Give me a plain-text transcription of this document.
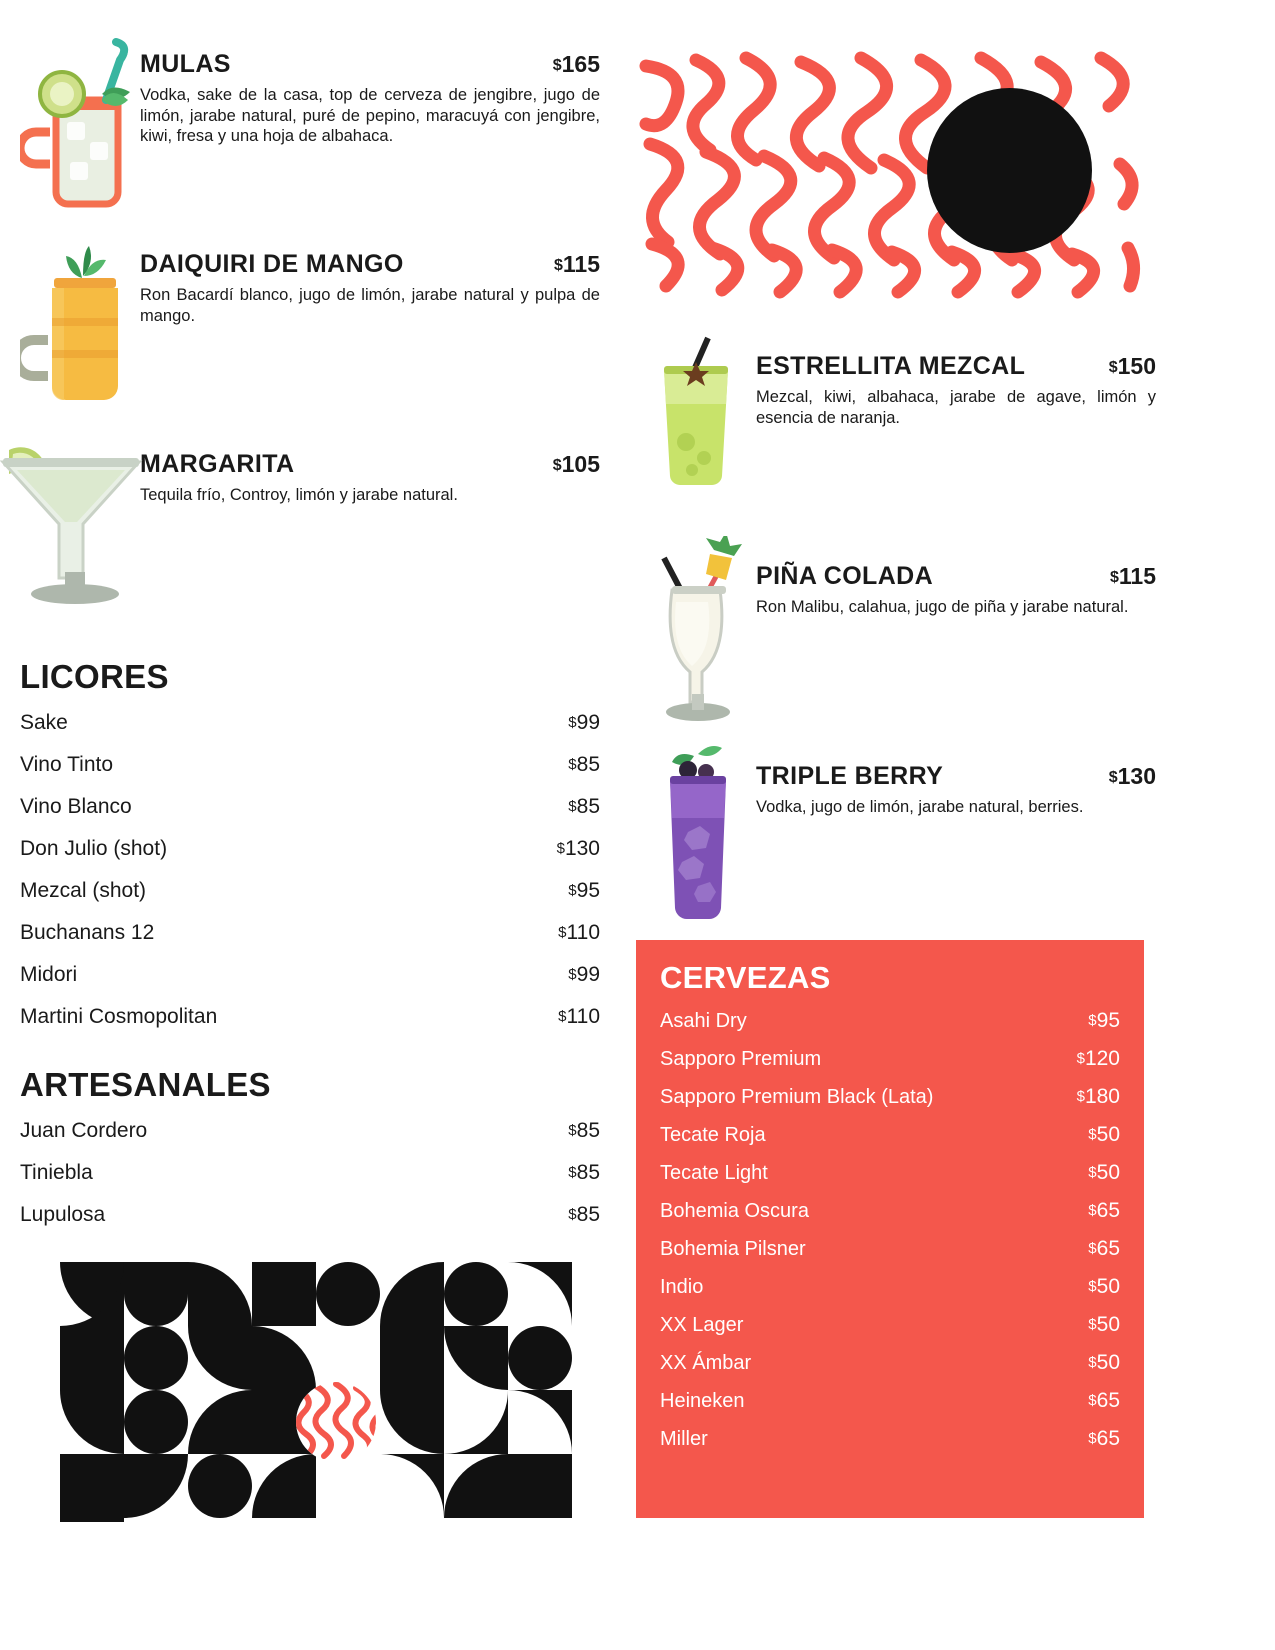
MULAS	$165

Vodka, sake de la casa, top de cerveza de jengibre, jugo de limón, jarabe natural, puré de pepino, maracuyá con jengibre, kiwi, fresa y una hoja de albahaca.

DAIQUIRI DE MANGO	$115

Ron Bacardí blanco, jugo de limón, jarabe natural y pulpa de mango.

MARGARITA	$105

Tequila frío, Controy, limón y jarabe natural.

LICORES
Sake	$99
Vino Tinto	$85
Vino Blanco	$85
Don Julio (shot)	$130
Mezcal (shot)	$95
Buchanans 12	$110
Midori	$99
Martini Cosmopolitan	$110
ARTESANALES
Juan Cordero	$85
Tiniebla	$85
Lupulosa	$85
ESTRELLITA MEZCAL	$150

Mezcal, kiwi, albahaca, jarabe de agave, limón y esencia de naranja.

PIÑA COLADA	$115

Ron Malibu, calahua, jugo de piña y jarabe natural.

TRIPLE BERRY	$130

Vodka, jugo de limón, jarabe natural, berries.

CERVEZAS
Asahi Dry	$95
Sapporo Premium	$120
Sapporo Premium Black (Lata)	$180
Tecate Roja	$50
Tecate Light	$50
Bohemia Oscura	$65
Bohemia Pilsner	$65
Indio	$50
XX Lager	$50
XX Ámbar	$50
Heineken	$65
Miller	$65
